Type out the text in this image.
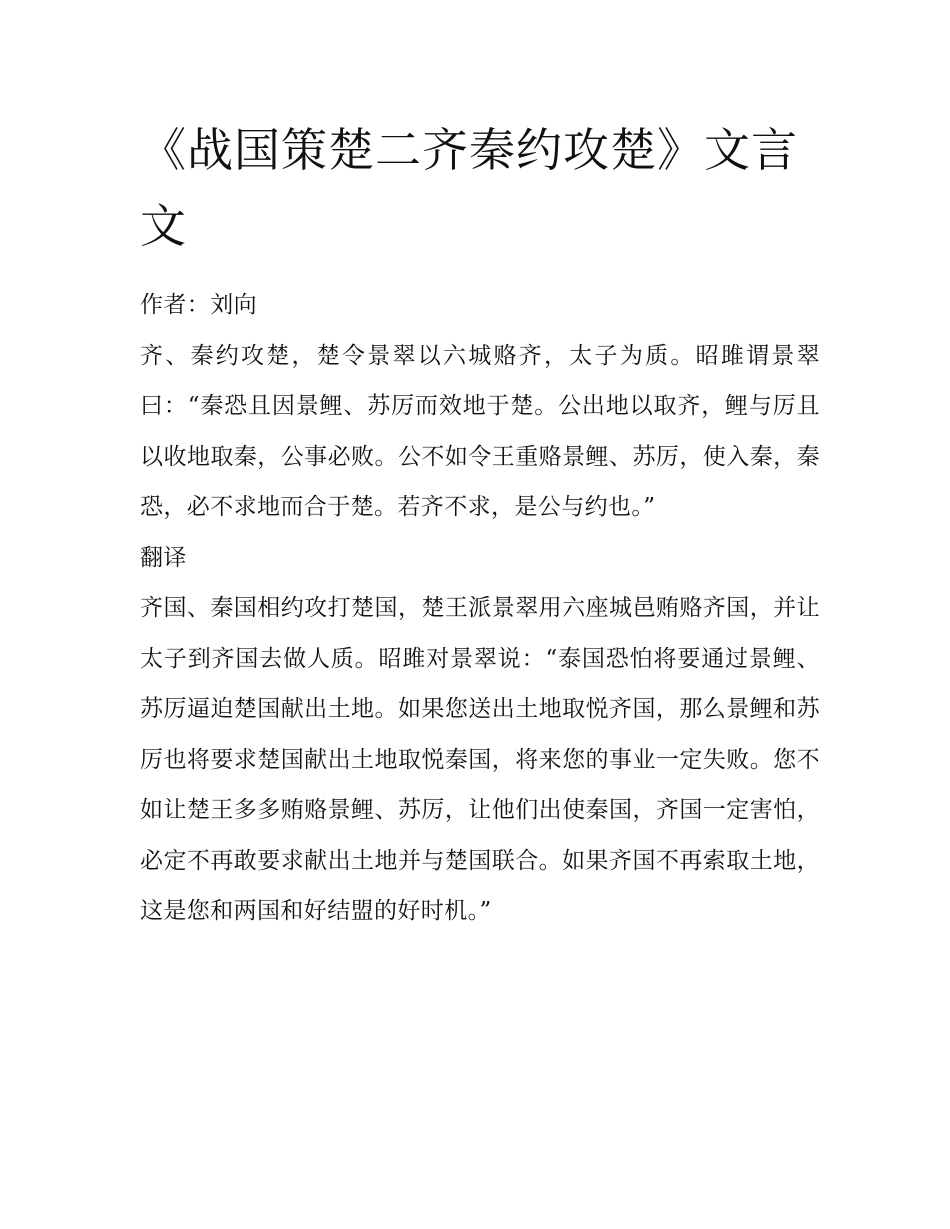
《战国策楚二齐秦约攻楚》文言文

作者：刘向

齐、秦约攻楚，楚令景翠以六城赂齐，太子为质。昭雎谓景翠曰：“秦恐且因景鲤、苏厉而效地于楚。公出地以取齐，鲤与厉且以收地取秦，公事必败。公不如令王重赂景鲤、苏厉，使入秦，秦恐，必不求地而合于楚。若齐不求，是公与约也。”

翻译

齐国、秦国相约攻打楚国，楚王派景翠用六座城邑贿赂齐国，并让太子到齐国去做人质。昭雎对景翠说：“泰国恐怕将要通过景鲤、苏厉逼迫楚国献出土地。如果您送出土地取悦齐国，那么景鲤和苏厉也将要求楚国献出土地取悦秦国，将来您的事业一定失败。您不如让楚王多多贿赂景鲤、苏厉，让他们出使秦国，齐国一定害怕，必定不再敢要求献出土地并与楚国联合。如果齐国不再索取土地，这是您和两国和好结盟的好时机。”
